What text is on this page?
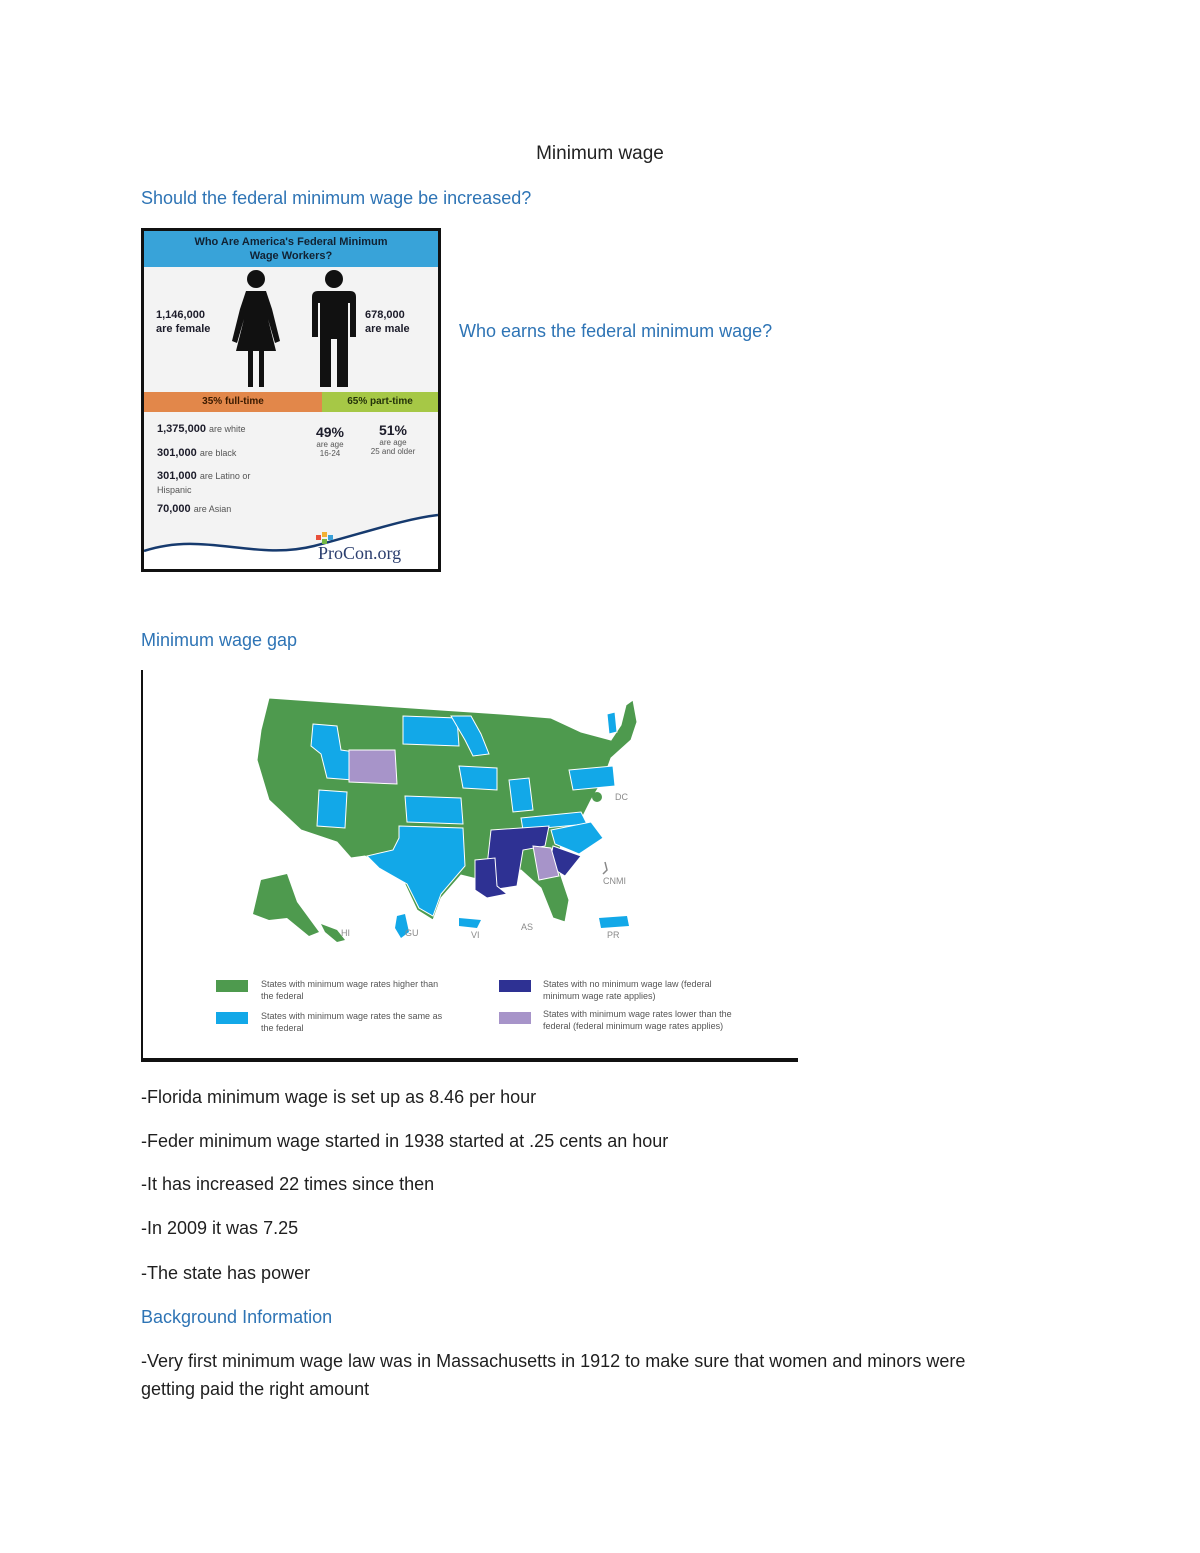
Minimum wage
Should the federal minimum wage be increased?
Who Are America's Federal Minimum
Wage Workers?
1,146,000
are female
678,000
are male
35% full-time	65% part-time
1,375,000 are white
301,000 are black
301,000 are Latino or
Hispanic
70,000 are Asian
49%
are age
16-24
51%
are age
25 and older
ProCon.org
Who earns the federal minimum wage?
Minimum wage gap
DC
CNMI
HI	GU	VI
AS
PR
States with minimum wage rates higher than
the federal
States with minimum wage rates the same as
the federal
States with no minimum wage law (federal
minimum wage rate applies)
States with minimum wage rates lower than the
federal (federal minimum wage rates applies)
-Florida minimum wage is set up as 8.46 per hour
-Feder minimum wage started in 1938 started at .25 cents an hour
-It has increased 22 times since then
-In 2009 it was 7.25
-The state has power
Background Information
-Very first minimum wage law was in Massachusetts in 1912 to make sure that women and minors were
getting paid the right amount
